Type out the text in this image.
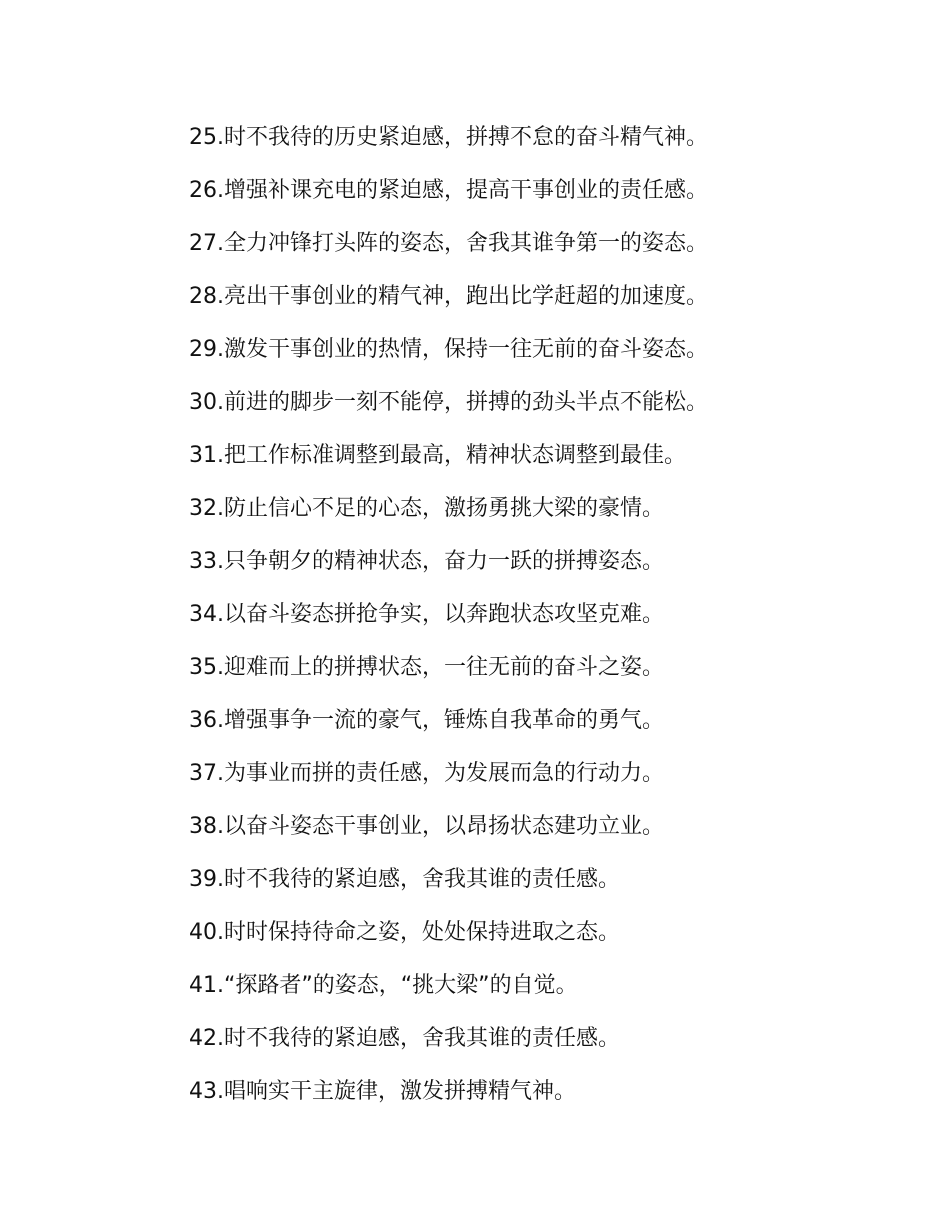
25.时不我待的历史紧迫感，拼搏不怠的奋斗精气神。
26.增强补课充电的紧迫感，提高干事创业的责任感。
27.全力冲锋打头阵的姿态，舍我其谁争第一的姿态。
28.亮出干事创业的精气神，跑出比学赶超的加速度。
29.激发干事创业的热情，保持一往无前的奋斗姿态。
30.前进的脚步一刻不能停，拼搏的劲头半点不能松。
31.把工作标准调整到最高，精神状态调整到最佳。
32.防止信心不足的心态，激扬勇挑大梁的豪情。
33.只争朝夕的精神状态，奋力一跃的拼搏姿态。
34.以奋斗姿态拼抢争实，以奔跑状态攻坚克难。
35.迎难而上的拼搏状态，一往无前的奋斗之姿。
36.增强事争一流的豪气，锤炼自我革命的勇气。
37.为事业而拼的责任感，为发展而急的行动力。
38.以奋斗姿态干事创业，以昂扬状态建功立业。
39.时不我待的紧迫感，舍我其谁的责任感。
40.时时保持待命之姿，处处保持进取之态。
41.“探路者”的姿态，“挑大梁”的自觉。
42.时不我待的紧迫感，舍我其谁的责任感。
43.唱响实干主旋律，激发拼搏精气神。
